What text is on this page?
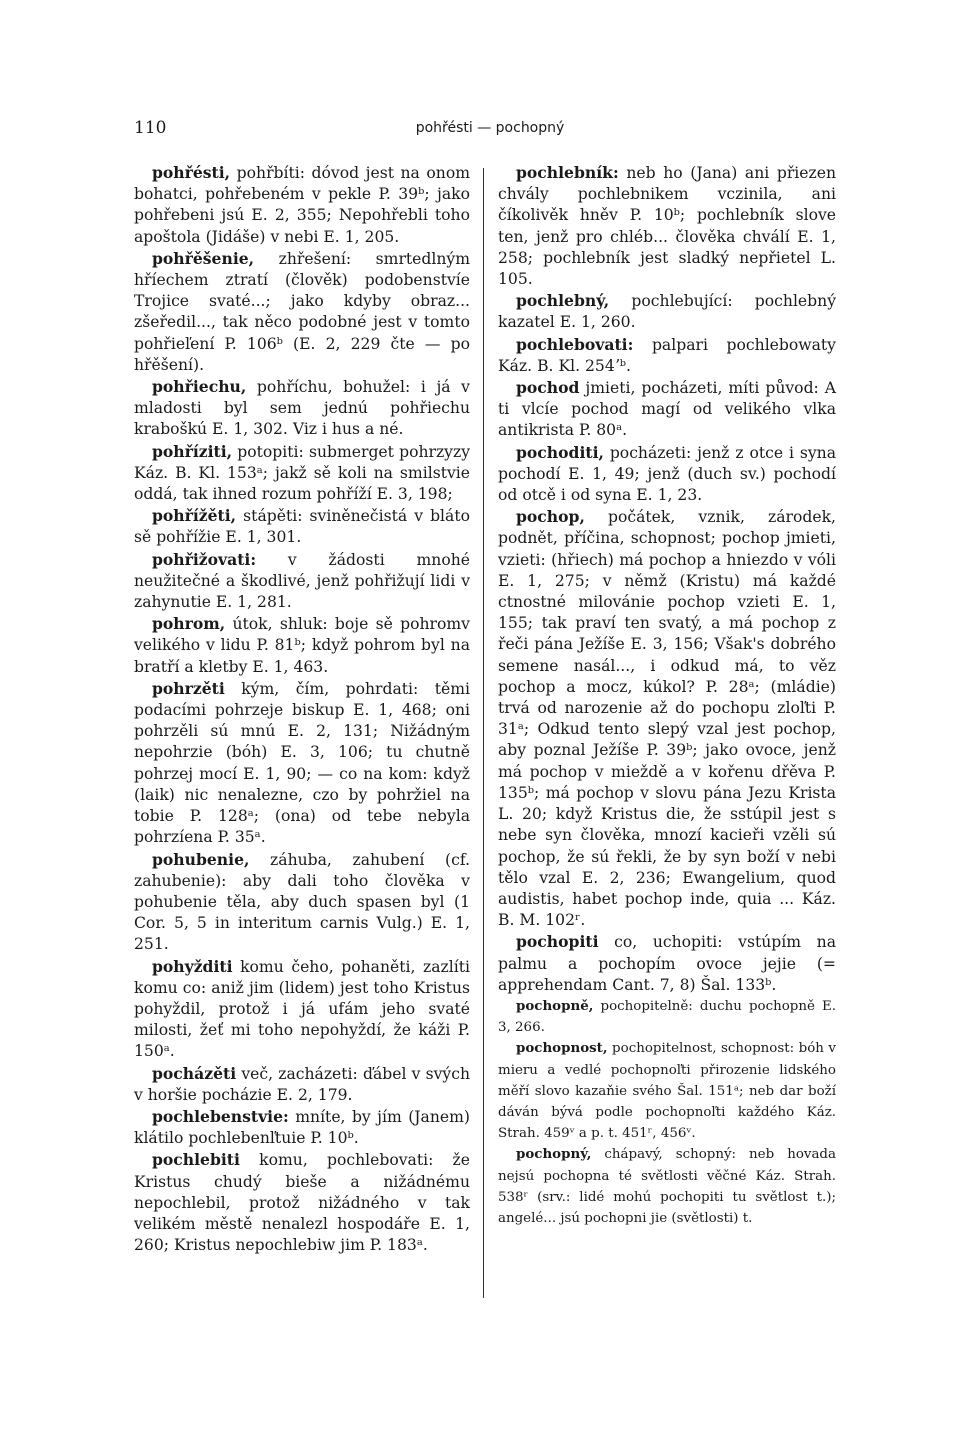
110	pohřésti — pochopný

pohřésti, pohřbíti: dóvod jest na onom bohatci, pohřebeném v pekle P. 39ᵇ; jako pohřebeni jsú E. 2, 355; Nepohřebli toho apoštola (Jidáše) v nebi E. 1, 205.

pohřěšenie, zhřešení: smrtedlným hříechem ztratí (člověk) podobenstvíe Trojice svaté...; jako kdyby obraz... zšeředil..., tak něco podobné jest v tomto pohřieľení P. 106ᵇ (E. 2, 229 čte — po hřěšení).

pohřiechu, pohříchu, bohužel: i já v mladosti byl sem jednú pohřiechu kraboškú E. 1, 302. Viz i hus a né.

pohříziti, potopiti: submerget pohrzyzy Káz. B. Kl. 153ᵃ; jakž sě koli na smilstvie oddá, tak ihned rozum pohříží E. 3, 198;

pohřížěti, stápěti: sviněnečistá v bláto sě pohřížie E. 1, 301.

pohřižovati: v žádosti mnohé neužitečné a škodlivé, jenž pohřižují lidi v zahynutie E. 1, 281.

pohrom, útok, shluk: boje sě pohromv velikého v lidu P. 81ᵇ; když pohrom byl na bratří a kletby E. 1, 463.

pohrzěti kým, čím, pohrdati: těmi podacími pohrzeje biskup E. 1, 468; oni pohrzěli sú mnú E. 2, 131; Nižádným nepohrzie (bóh) E. 3, 106; tu chutně pohrzej mocí E. 1, 90; — co na kom: když (laik) nic nenalezne, czo by pohržiel na tobie P. 128ᵃ; (ona) od tebe nebyla pohrzíena P. 35ᵃ.

pohubenie, záhuba, zahubení (cf. zahubenie): aby dali toho člověka v pohubenie těla, aby duch spasen byl (1 Cor. 5, 5 in interitum carnis Vulg.) E. 1, 251.

pohyžditi komu čeho, pohaněti, zazlíti komu co: aniž jim (lidem) jest toho Kristus pohyždil, protož i já ufám jeho svaté milosti, žeť mi toho nepohyždí, že káži P. 150ᵃ.

pocházěti več, zacházeti: ďábel v svých v horšie pocházie E. 2, 179.

pochlebenstvie: mníte, by jím (Janem) klátilo pochlebenľtuie P. 10ᵇ.

pochlebiti komu, pochlebovati: že Kristus chudý bieše a nižádnému nepochlebil, protož nižádného v tak velikém městě nenalezl hospodáře E. 1, 260; Kristus nepochlebiw jim P. 183ᵃ.

pochlebník: neb ho (Jana) ani přiezen chvály pochlebnikem vczinila, ani číkolivěk hněv P. 10ᵇ; pochlebník slove ten, jenž pro chléb... člověka chválí E. 1, 258; pochlebník jest sladký nepřietel L. 105.

pochlebný, pochlebující: pochlebný kazatel E. 1, 260.

pochlebovati: palpari pochlebowaty Káz. B. Kl. 254ʼᵇ.

pochod jmieti, pocházeti, míti původ: A ti vlcíe pochod magí od velikého vlka antikrista P. 80ᵃ.

pochoditi, pocházeti: jenž z otce i syna pochodí E. 1, 49; jenž (duch sv.) pochodí od otcě i od syna E. 1, 23.

pochop, počátek, vznik, zárodek, podnět, příčina, schopnost; pochop jmieti, vzieti: (hřiech) má pochop a hniezdo v vóli E. 1, 275; v němž (Kristu) má každé ctnostné milovánie pochop vzieti E. 1, 155; tak praví ten svatý, a má pochop z řeči pána Ježíše E. 3, 156; Však's dobrého semene nasál..., i odkud má, to věz pochop a mocz, kúkol? P. 28ᵃ; (mládie) trvá od narozenie až do pochopu zloľti P. 31ᵃ; Odkud tento slepý vzal jest pochop, aby poznal Ježíše P. 39ᵇ; jako ovoce, jenž má pochop v mieždě a v kořenu dřěva P. 135ᵇ; má pochop v slovu pána Jezu Krista L. 20; když Kristus die, že sstúpil jest s nebe syn člověka, mnozí kacieři vzěli sú pochop, že sú řekli, že by syn boží v nebi tělo vzal E. 2, 236; Ewangelium, quod audistis, habet pochop inde, quia ... Káz. B. M. 102ʳ.

pochopiti co, uchopiti: vstúpím na palmu a pochopím ovoce jejie (= apprehendam Cant. 7, 8) Šal. 133ᵇ.

pochopně, pochopitelně: duchu pochopně E. 3, 266.

pochopnost, pochopitelnost, schopnost: bóh v mieru a vedlé pochopnoľti přirozenie lidského měří slovo kazaňie svého Šal. 151ᵃ; neb dar boží dáván bývá podle pochopnoľti každého Káz. Strah. 459ᵛ a p. t. 451ʳ, 456ᵛ.

pochopný, chápavý, schopný: neb hovada nejsú pochopna té světlosti věčné Káz. Strah. 538ʳ (srv.: lidé mohú pochopiti tu světlost t.); angelé... jsú pochopni jie (světlosti) t.
